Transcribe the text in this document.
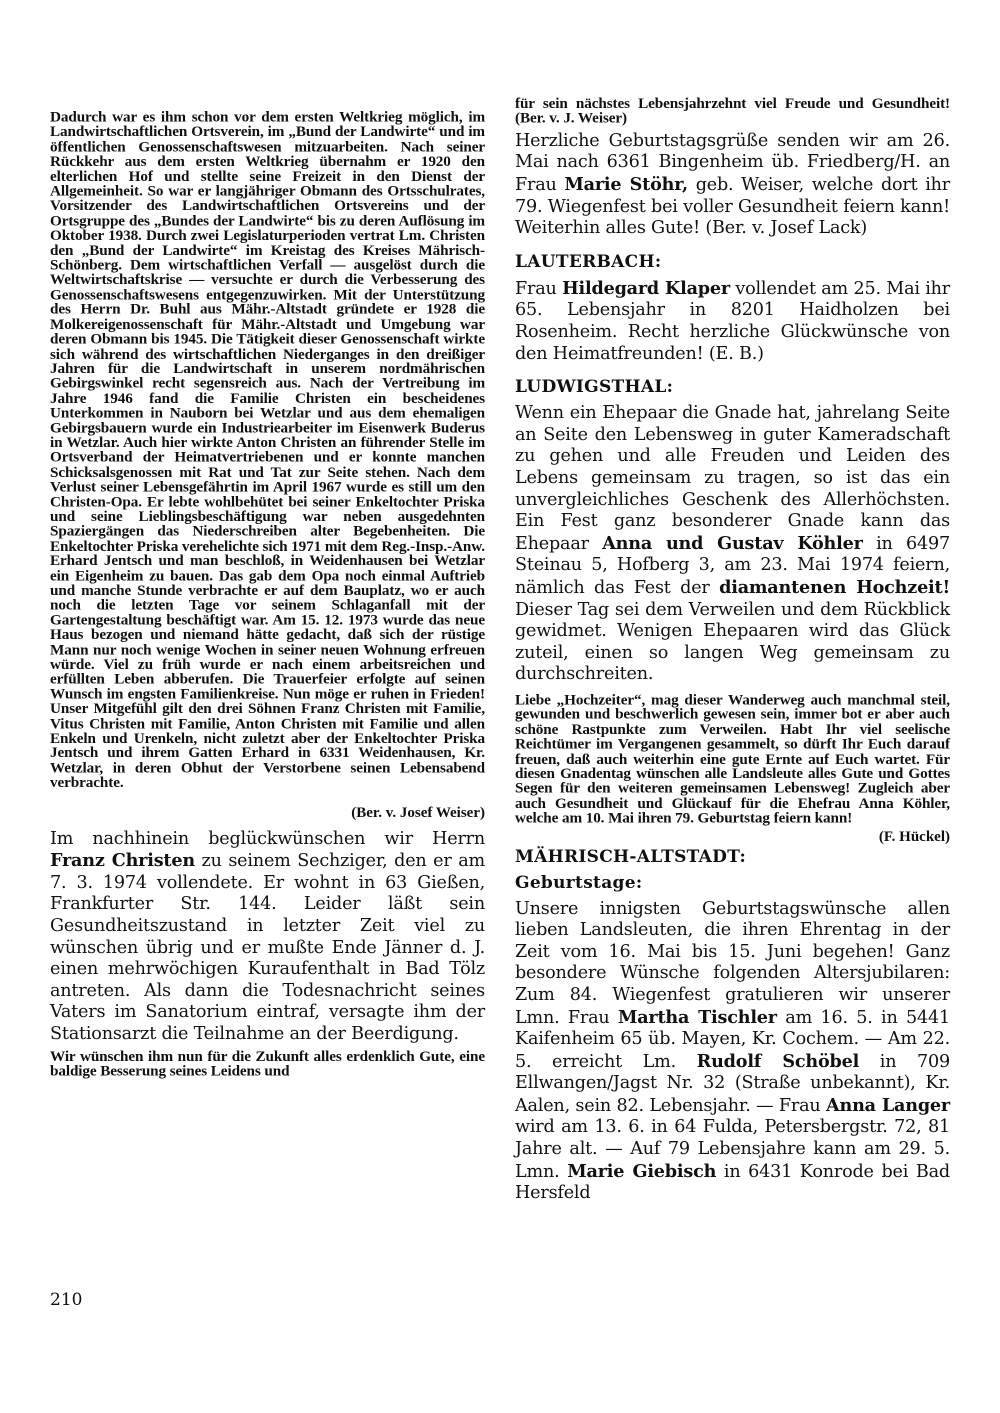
Dadurch war es ihm schon vor dem ersten Weltkrieg möglich, im Landwirtschaftlichen Ortsverein, im „Bund der Landwirte“ und im öffentlichen Genossenschaftswesen mitzuarbeiten. Nach seiner Rückkehr aus dem ersten Weltkrieg übernahm er 1920 den elterlichen Hof und stellte seine Freizeit in den Dienst der Allgemeinheit. So war er langjähriger Obmann des Ortsschulrates, Vorsitzender des Landwirtschaftlichen Ortsvereins und der Ortsgruppe des „Bundes der Landwirte“ bis zu deren Auflösung im Oktober 1938. Durch zwei Legislaturperioden vertrat Lm. Christen den „Bund der Landwirte“ im Kreistag des Kreises Mährisch-Schönberg. Dem wirtschaftlichen Verfall — ausgelöst durch die Weltwirtschaftskrise — versuchte er durch die Verbesserung des Genossenschaftswesens entgegenzuwirken. Mit der Unterstützung des Herrn Dr. Buhl aus Mähr.-Altstadt gründete er 1928 die Molkereigenossenschaft für Mähr.-Altstadt und Umgebung war deren Obmann bis 1945. Die Tätigkeit dieser Genossenschaft wirkte sich während des wirtschaftlichen Niederganges in den dreißiger Jahren für die Landwirtschaft in unserem nordmährischen Gebirgswinkel recht segensreich aus. Nach der Vertreibung im Jahre 1946 fand die Familie Christen ein bescheidenes Unterkommen in Nauborn bei Wetzlar und aus dem ehemaligen Gebirgsbauern wurde ein Industriearbeiter im Eisenwerk Buderus in Wetzlar. Auch hier wirkte Anton Christen an führender Stelle im Ortsverband der Heimatvertriebenen und er konnte manchen Schicksalsgenossen mit Rat und Tat zur Seite stehen. Nach dem Verlust seiner Lebensgefährtin im April 1967 wurde es still um den Christen-Opa. Er lebte wohlbehütet bei seiner Enkeltochter Priska und seine Lieblingsbeschäftigung war neben ausgedehnten Spaziergängen das Niederschreiben alter Begebenheiten. Die Enkeltochter Priska verehelichte sich 1971 mit dem Reg.-Insp.-Anw. Erhard Jentsch und man beschloß, in Weidenhausen bei Wetzlar ein Eigenheim zu bauen. Das gab dem Opa noch einmal Auftrieb und manche Stunde verbrachte er auf dem Bauplatz, wo er auch noch die letzten Tage vor seinem Schlaganfall mit der Gartengestaltung beschäftigt war. Am 15. 12. 1973 wurde das neue Haus bezogen und niemand hätte gedacht, daß sich der rüstige Mann nur noch wenige Wochen in seiner neuen Wohnung erfreuen würde. Viel zu früh wurde er nach einem arbeitsreichen und erfüllten Leben abberufen. Die Trauerfeier erfolgte auf seinen Wunsch im engsten Familienkreise. Nun möge er ruhen in Frieden! Unser Mitgefühl gilt den drei Söhnen Franz Christen mit Familie, Vitus Christen mit Familie, Anton Christen mit Familie und allen Enkeln und Urenkeln, nicht zuletzt aber der Enkeltochter Priska Jentsch und ihrem Gatten Erhard in 6331 Weidenhausen, Kr. Wetzlar, in deren Obhut der Verstorbene seinen Lebensabend verbrachte.

(Ber. v. Josef Weiser)

Im nachhinein beglückwünschen wir Herrn Franz Christen zu seinem Sechziger, den er am 7. 3. 1974 vollendete. Er wohnt in 63 Gießen, Frankfurter Str. 144. Leider läßt sein Gesundheitszustand in letzter Zeit viel zu wünschen übrig und er mußte Ende Jänner d. J. einen mehrwöchigen Kuraufenthalt in Bad Tölz antreten. Als dann die Todesnachricht seines Vaters im Sanatorium eintraf, versagte ihm der Stationsarzt die Teilnahme an der Beerdigung.

Wir wünschen ihm nun für die Zukunft alles erdenklich Gute, eine baldige Besserung seines Leidens und

für sein nächstes Lebensjahrzehnt viel Freude und Gesundheit! (Ber. v. J. Weiser)

Herzliche Geburtstagsgrüße senden wir am 26. Mai nach 6361 Bingenheim üb. Friedberg/H. an Frau Marie Stöhr, geb. Weiser, welche dort ihr 79. Wiegenfest bei voller Gesundheit feiern kann! Weiterhin alles Gute! (Ber. v. Josef Lack)

LAUTERBACH:

Frau Hildegard Klaper vollendet am 25. Mai ihr 65. Lebensjahr in 8201 Haidholzen bei Rosenheim. Recht herzliche Glückwünsche von den Heimatfreunden! (E. B.)

LUDWIGSTHAL:

Wenn ein Ehepaar die Gnade hat, jahrelang Seite an Seite den Lebensweg in guter Kameradschaft zu gehen und alle Freuden und Leiden des Lebens gemeinsam zu tragen, so ist das ein unvergleichliches Geschenk des Allerhöchsten. Ein Fest ganz besonderer Gnade kann das Ehepaar Anna und Gustav Köhler in 6497 Steinau 5, Hofberg 3, am 23. Mai 1974 feiern, nämlich das Fest der diamantenen Hochzeit! Dieser Tag sei dem Verweilen und dem Rückblick gewidmet. Wenigen Ehepaaren wird das Glück zuteil, einen so langen Weg gemeinsam zu durchschreiten.

Liebe „Hochzeiter“, mag dieser Wanderweg auch manchmal steil, gewunden und beschwerlich gewesen sein, immer bot er aber auch schöne Rastpunkte zum Verweilen. Habt Ihr viel seelische Reichtümer im Vergangenen gesammelt, so dürft Ihr Euch darauf freuen, daß auch weiterhin eine gute Ernte auf Euch wartet. Für diesen Gnadentag wünschen alle Landsleute alles Gute und Gottes Segen für den weiteren gemeinsamen Lebensweg! Zugleich aber auch Gesundheit und Glückauf für die Ehefrau Anna Köhler, welche am 10. Mai ihren 79. Geburtstag feiern kann!

(F. Hückel)

MÄHRISCH-ALTSTADT:
Geburtstage:

Unsere innigsten Geburtstagswünsche allen lieben Landsleuten, die ihren Ehrentag in der Zeit vom 16. Mai bis 15. Juni begehen! Ganz besondere Wünsche folgenden Altersjubilaren: Zum 84. Wiegenfest gratulieren wir unserer Lmn. Frau Martha Tischler am 16. 5. in 5441 Kaifenheim 65 üb. Mayen, Kr. Cochem. — Am 22. 5. erreicht Lm. Rudolf Schöbel in 709 Ellwangen/Jagst Nr. 32 (Straße unbekannt), Kr. Aalen, sein 82. Lebensjahr. — Frau Anna Langer wird am 13. 6. in 64 Fulda, Petersbergstr. 72, 81 Jahre alt. — Auf 79 Lebensjahre kann am 29. 5. Lmn. Marie Giebisch in 6431 Konrode bei Bad Hersfeld

210
